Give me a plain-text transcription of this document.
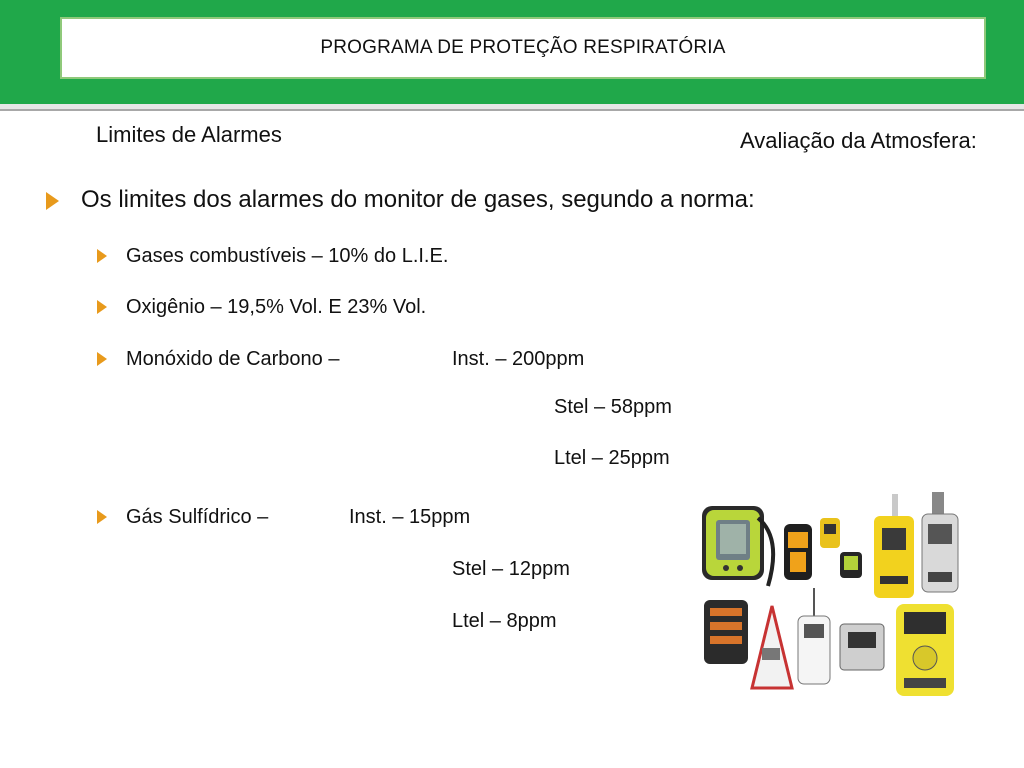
PROGRAMA DE PROTEÇÃO RESPIRATÓRIA
Limites de Alarmes	Avaliação da Atmosfera:
Os limites dos alarmes do monitor de gases, segundo a norma:
Gases combustíveis – 10% do L.I.E.
Oxigênio – 19,5% Vol. E 23% Vol.
Monóxido de Carbono –	Inst. – 200ppm
Stel – 58ppm
Ltel – 25ppm
Gás Sulfídrico –	Inst. – 15ppm
Stel – 12ppm
Ltel – 8ppm
